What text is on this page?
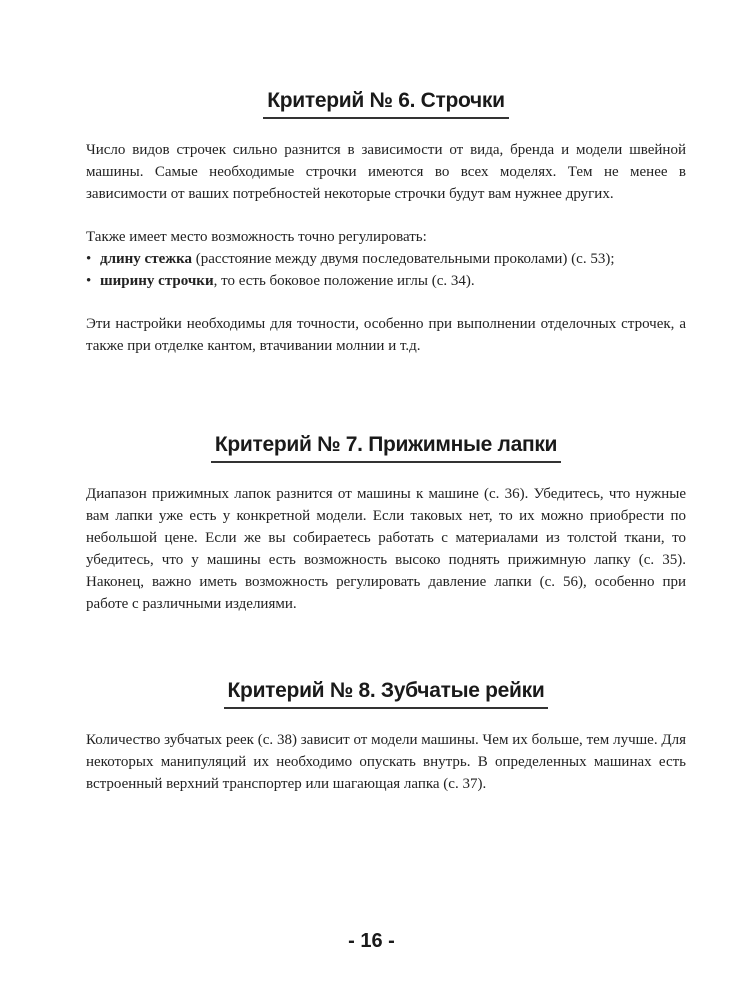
Критерий № 6. Строчки

Число видов строчек сильно разнится в зависимости от вида, бренда и модели швейной машины. Самые необходимые строчки имеются во всех моделях. Тем не менее в зависимости от ваших потребностей некоторые строчки будут вам нужнее других.

Также имеет место возможность точно регулировать:

• длину стежка (расстояние между двумя последовательными проколами) (с. 53);
• ширину строчки, то есть боковое положение иглы (с. 34).

Эти настройки необходимы для точности, особенно при выполнении отделочных строчек, а также при отделке кантом, втачивании молнии и т.д.

Критерий № 7. Прижимные лапки

Диапазон прижимных лапок разнится от машины к машине (с. 36). Убедитесь, что нужные вам лапки уже есть у конкретной модели. Если таковых нет, то их можно приобрести по небольшой цене. Если же вы собираетесь работать с материалами из толстой ткани, то убедитесь, что у машины есть возможность высоко поднять прижимную лапку (с. 35). Наконец, важно иметь возможность регулировать давление лапки (с. 56), особенно при работе с различными изделиями.

Критерий № 8. Зубчатые рейки

Количество зубчатых реек (с. 38) зависит от модели машины. Чем их больше, тем лучше. Для некоторых манипуляций их необходимо опускать внутрь. В определенных машинах есть встроенный верхний транспортер или шагающая лапка (с. 37).

- 16 -
